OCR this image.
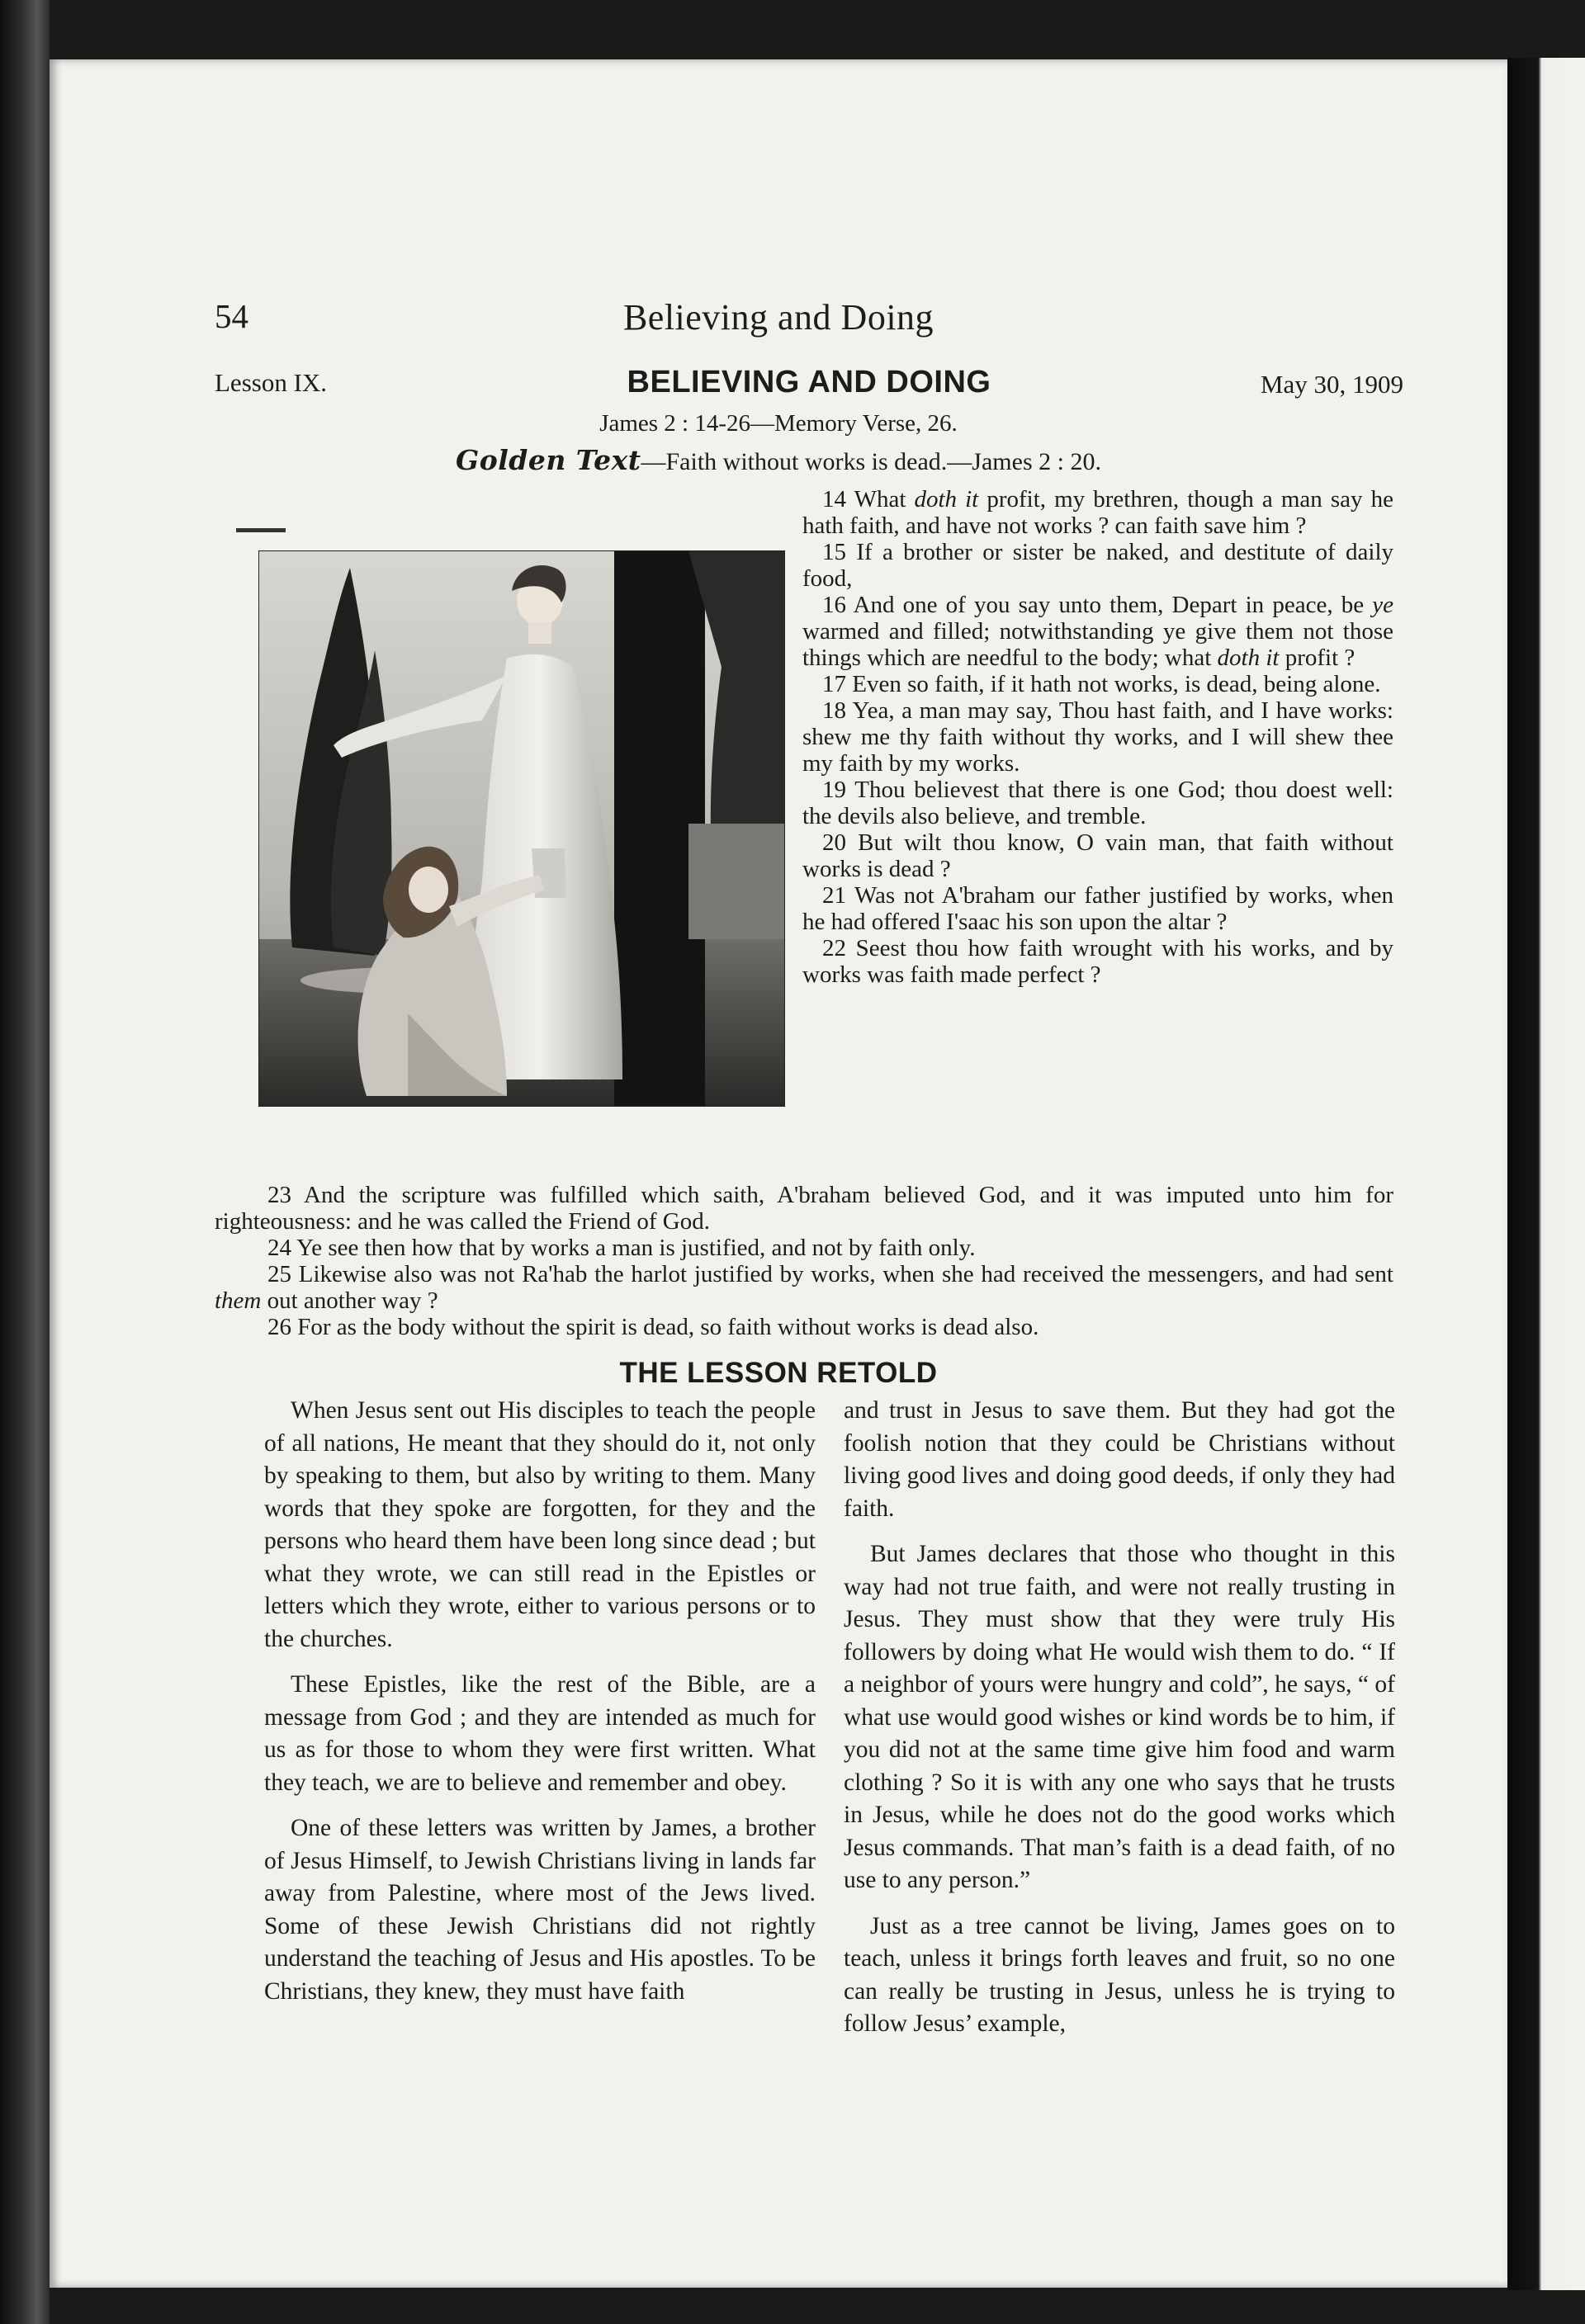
54	Believing and Doing
Lesson IX.	BELIEVING AND DOING	May 30, 1909
James 2 : 14-26—Memory Verse, 26.
Golden Text—Faith without works is dead.—James 2 : 20.

14 What doth it profit, my brethren, though a man say he hath faith, and have not works ? can faith save him ?

15 If a brother or sister be naked, and destitute of daily food,

16 And one of you say unto them, Depart in peace, be ye warmed and filled; notwithstanding ye give them not those things which are needful to the body; what doth it profit ?

17 Even so faith, if it hath not works, is dead, being alone.

18 Yea, a man may say, Thou hast faith, and I have works: shew me thy faith without thy works, and I will shew thee my faith by my works.

19 Thou believest that there is one God; thou doest well: the devils also believe, and tremble.

20 But wilt thou know, O vain man, that faith without works is dead ?

21 Was not A'braham our father justified by works, when he had offered I'saac his son upon the altar ?

22 Seest thou how faith wrought with his works, and by works was faith made perfect ?

23 And the scripture was fulfilled which saith, A'braham believed God, and it was imputed unto him for righteousness: and he was called the Friend of God.

24 Ye see then how that by works a man is justified, and not by faith only.

25 Likewise also was not Ra'hab the harlot justified by works, when she had received the messengers, and had sent them out another way ?

26 For as the body without the spirit is dead, so faith without works is dead also.

THE LESSON RETOLD

When Jesus sent out His disciples to teach the people of all nations, He meant that they should do it, not only by speaking to them, but also by writing to them. Many words that they spoke are forgotten, for they and the persons who heard them have been long since dead ; but what they wrote, we can still read in the Epistles or letters which they wrote, either to various persons or to the churches.

These Epistles, like the rest of the Bible, are a message from God ; and they are intended as much for us as for those to whom they were first written. What they teach, we are to believe and remember and obey.

One of these letters was written by James, a brother of Jesus Himself, to Jewish Christians living in lands far away from Palestine, where most of the Jews lived. Some of these Jewish Christians did not rightly understand the teaching of Jesus and His apostles. To be Christians, they knew, they must have faith

and trust in Jesus to save them. But they had got the foolish notion that they could be Christians without living good lives and doing good deeds, if only they had faith.

But James declares that those who thought in this way had not true faith, and were not really trusting in Jesus. They must show that they were truly His followers by doing what He would wish them to do. “ If a neighbor of yours were hungry and cold”, he says, “ of what use would good wishes or kind words be to him, if you did not at the same time give him food and warm clothing ? So it is with any one who says that he trusts in Jesus, while he does not do the good works which Jesus commands. That man’s faith is a dead faith, of no use to any person.”

Just as a tree cannot be living, James goes on to teach, unless it brings forth leaves and fruit, so no one can really be trusting in Jesus, unless he is trying to follow Jesus’ example,
